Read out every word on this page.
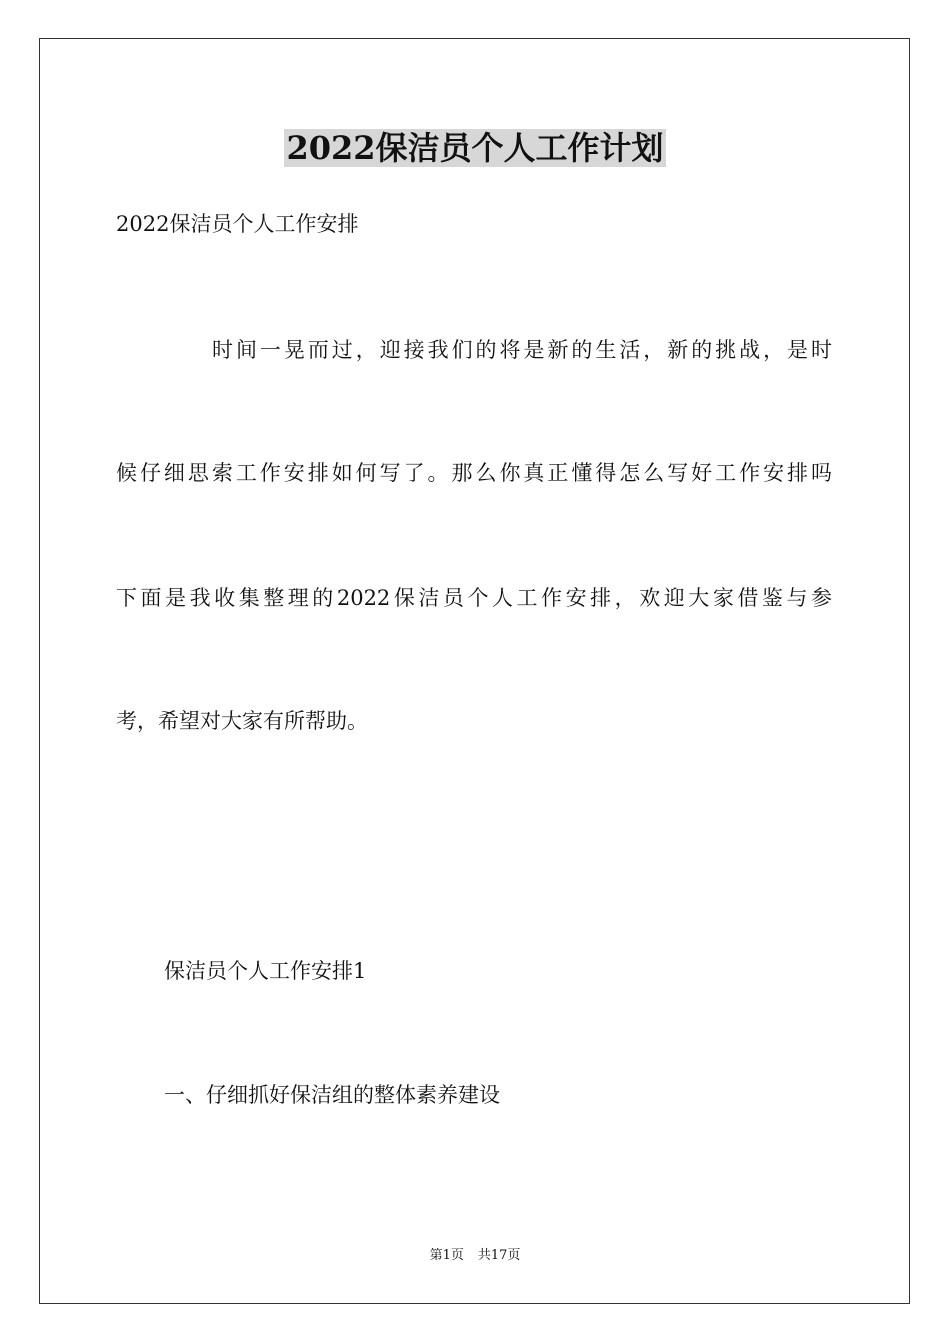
2022保洁员个人工作计划

2022保洁员个人工作安排

时间一晃而过，迎接我们的将是新的生活，新的挑战，是时

候仔细思索工作安排如何写了。那么你真正懂得怎么写好工作安排吗

下面是我收集整理的2022保洁员个人工作安排，欢迎大家借鉴与参

考，希望对大家有所帮助。

保洁员个人工作安排1

一、仔细抓好保洁组的整体素养建设

第1页 共17页
